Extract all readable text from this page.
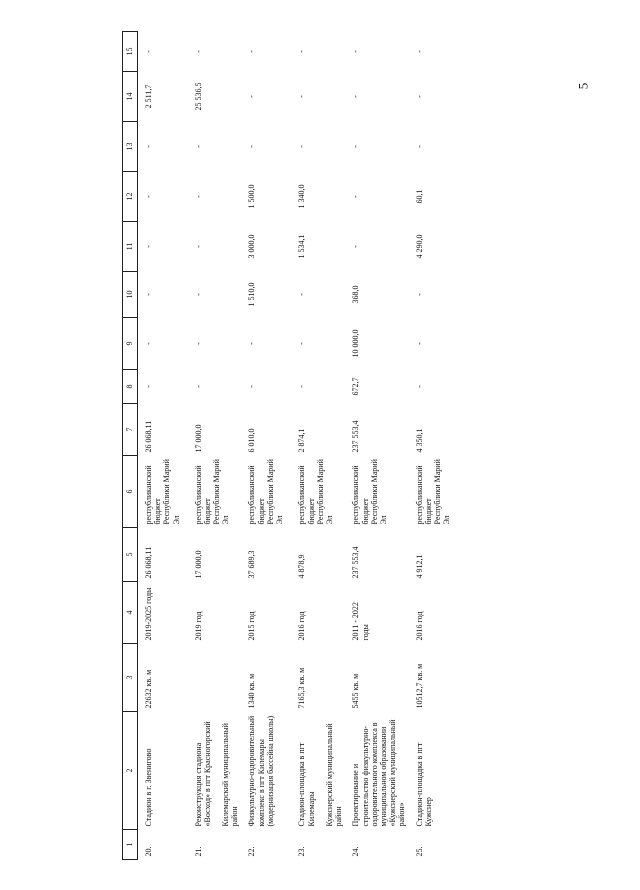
5
1	2	3	4	5	6	7	8	9	10	11	12	13	14	15
20.	Стадион в г. Звенигово	22632 кв. м	2019-2025 годы	26 068,11	республиканский бюджет Республики Марий Эл	26 068,11	-	-	-	-	-	-	2 511,7	-
21.	Реконструкция стадиона «Восход» в пгт Красногорский Килемарский муниципальный район		2019 год	17 000,0	республиканский бюджет Республики Марий Эл	17 000,0	-	-	-	-	-	-	25 536,5	-
22.	Физкультурно-оздоровительный комплекс в пгт Килемары (модернизация бассейна школы)	1340 кв. м	2015 год	37 689,3	республиканский бюджет Республики Марий Эл	6 010,0	-	-	1 510,0	3 000,0	1 500,0	-	-	-
23.	Стадион-площадка в пгт Килемары Кужснерский муниципальный район	7165,3 кв. м	2016 год	4 878,9	республиканский бюджет Республики Марий Эл	2 874,1	-	-	-	1 534,1	1 340,0	-	-	-
24.	Проектирование и строительство физкультурно-оздоровительного комплекса в муниципальном образовании «Кужснерский муниципальный район»	5455 кв. м	2011 - 2022 годы	237 553,4	республиканский бюджет Республики Марий Эл	237 553,4	672,7	10 000,0	368,0	-	-	-	-	-
25.	Стадион-площадка в пгт Кужснер	10512,7 кв. м	2016 год	4 912,1	республиканский бюджет Республики Марий Эл	4 350,1	-	-	-	4 290,0	60,1	-	-	-
